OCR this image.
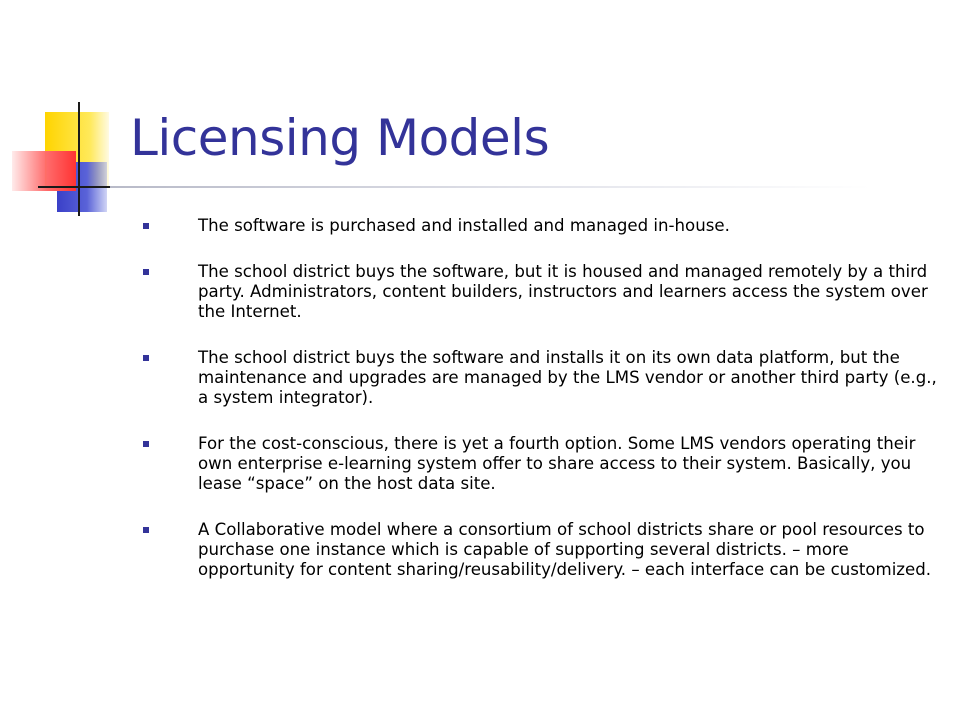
Licensing Models
The software is purchased and installed and managed in-house.
The school district buys the software, but it is housed and managed remotely by a third party. Administrators, content builders, instructors and learners access the system over the Internet.
The school district buys the software and installs it on its own data platform, but the maintenance and upgrades are managed by the LMS vendor or another third party (e.g., a system integrator).
For the cost-conscious, there is yet a fourth option. Some LMS vendors operating their own enterprise e-learning system offer to share access to their system. Basically, you lease “space” on the host data site.
A Collaborative model where a consortium of school districts share or pool resources to purchase one instance which is capable of supporting several districts. – more opportunity for content sharing/reusability/delivery. – each interface can be customized.
